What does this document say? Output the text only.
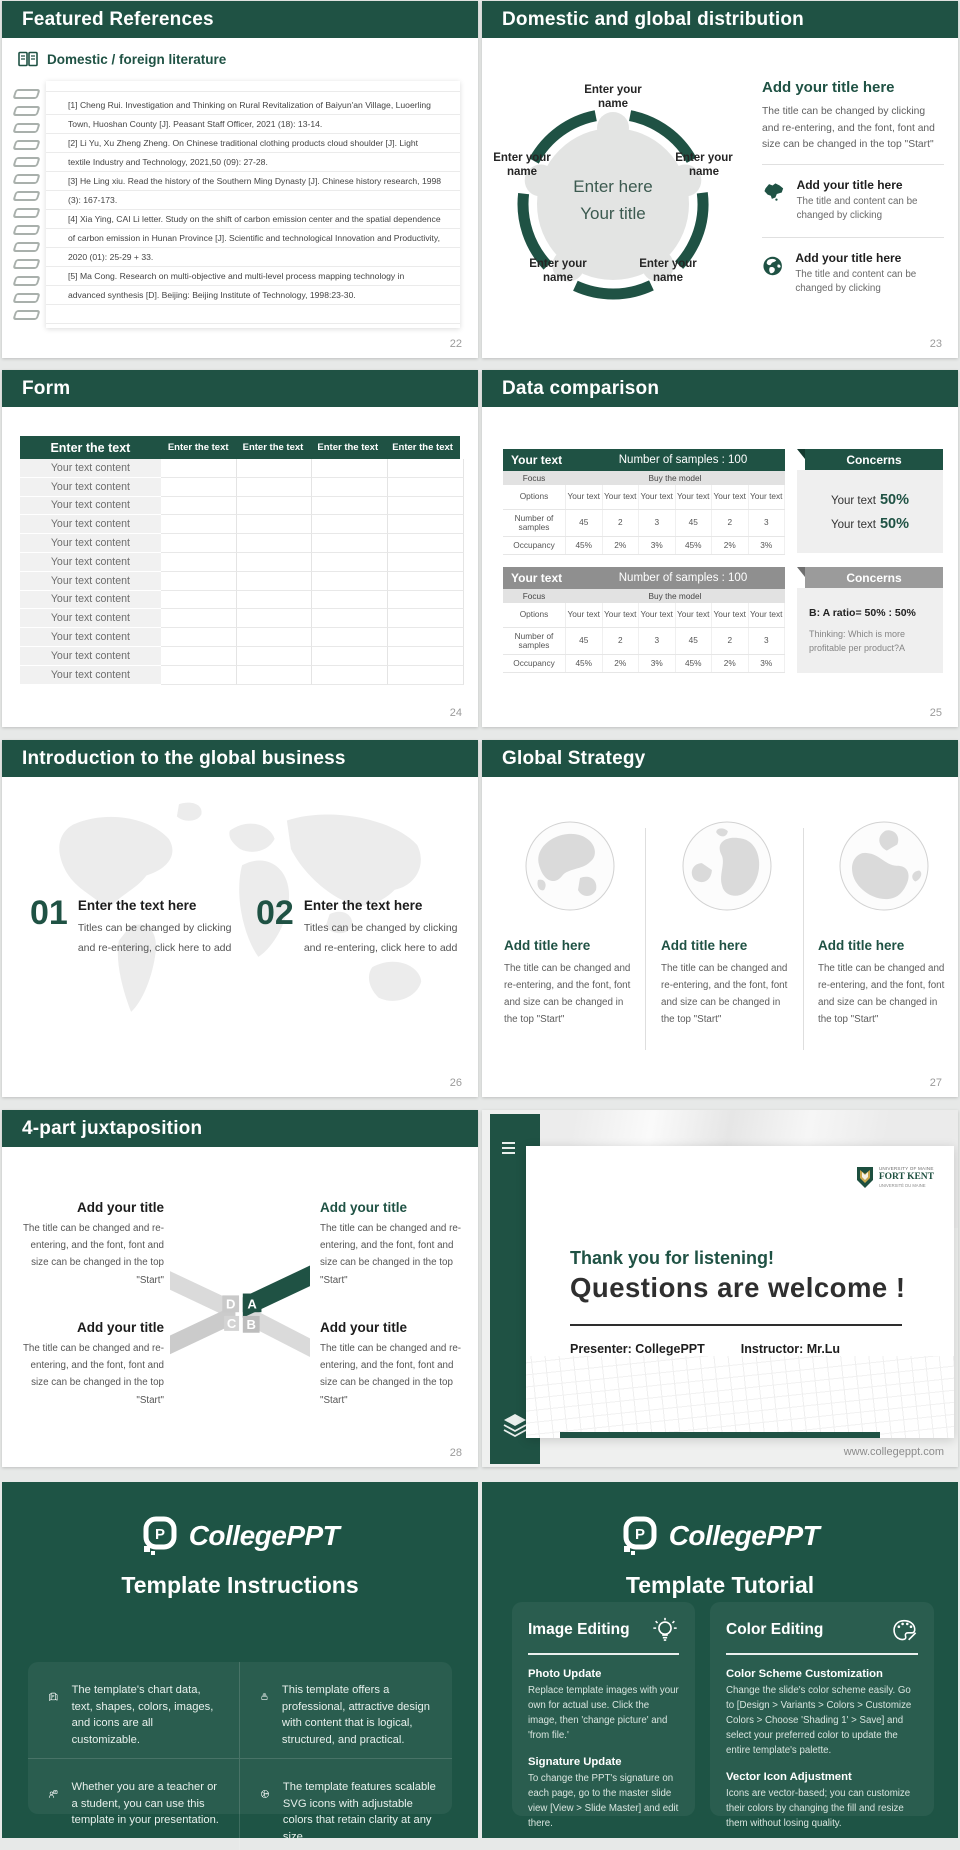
Featured References
Domestic / foreign literature

[1] Cheng Rui. Investigation and Thinking on Rural Revitalization of Baiyun'an Village, Luoerling Town, Huoshan County [J]. Peasant Staff Officer, 2021 (18): 13-14.

[2] Li Yu, Xu Zheng Zheng. On Chinese traditional clothing products cloud shoulder [J]. Light textile Industry and Technology, 2021,50 (09): 27-28.

[3] He Ling xiu. Read the history of the Southern Ming Dynasty [J]. Chinese history research, 1998 (3): 167-173.

[4] Xia Ying, CAI Li letter. Study on the shift of carbon emission center and the spatial dependence of carbon emission in Hunan Province [J]. Scientific and technological Innovation and Productivity, 2020 (01): 25-29 + 33.

[5] Ma Cong. Research on multi-objective and multi-level process mapping technology in advanced synthesis [D]. Beijing: Beijing Institute of Technology, 1998:23-30.

22
Domestic and global distribution
Enter here
Your title
Enter your name
Enter your name
Enter your name
Enter your name
Enter your name
Add your title here
The title can be changed by clicking and re-entering, and the font, font and size can be changed in the top "Start"
Add your title here
The title and content can be changed by clicking
Add your title here
The title and content can be changed by clicking
23
Form
Enter the text	Enter the text	Enter the text	Enter the text	Enter the text
Your text content
Your text content
Your text content
Your text content
Your text content
Your text content
Your text content
Your text content
Your text content
Your text content
Your text content
Your text content
24
Data comparison
Your text	Number of samples : 100
Focus	Buy the model
Options	Your text Your text Your text Your text Your text Your text
Number of samples	45	2	3	45	2	3
Occupancy	45%	2%	3%	45%	2%	3%
Concerns
Your text 50%
Your text 50%
Your text	Number of samples : 100
Focus	Buy the model
Options	Your text Your text Your text Your text Your text Your text
Number of samples	45	2	3	45	2	3
Occupancy	45%	2%	3%	45%	2%	3%
Concerns
B: A ratio= 50% : 50%
Thinking: Which is more profitable per product?A
25
Introduction to the global business
01 Enter the text here
Titles can be changed by clicking and re-entering, click here to add
02 Enter the text here
Titles can be changed by clicking and re-entering, click here to add
26
Global Strategy
Add title here
The title can be changed and re-entering, and the font, font and size can be changed in the top "Start"
Add title here
The title can be changed and re-entering, and the font, font and size can be changed in the top "Start"
Add title here
The title can be changed and re-entering, and the font, font and size can be changed in the top "Start"
27
4-part juxtaposition
Add your title
The title can be changed and re-entering, and the font, font and size can be changed in the top "Start"
Add your title
The title can be changed and re-entering, and the font, font and size can be changed in the top "Start"
Add your title
The title can be changed and re-entering, and the font, font and size can be changed in the top "Start"
Add your title
The title can be changed and re-entering, and the font, font and size can be changed in the top "Start"
D A
C B
28
UNIVERSITY OF MAINE
FORT KENT
UNIVERSITÉ DU MAINE
Thank you for listening!
Questions are welcome !
Presenter: CollegePPT	Instructor: Mr.Lu
www.collegeppt.com
P CollegePPT
Template Instructions
P
The template's chart data, text, shapes, colors, images, and icons are all customizable.
This template offers a professional, attractive design with content that is logical, structured, and practical.
Whether you are a teacher or a student, you can use this template in your presentation.
The template features scalable SVG icons with adjustable colors that retain clarity at any size.
P CollegePPT
Template Tutorial
Image Editing
Photo Update
Replace template images with your own for actual use. Click the image, then 'change picture' and 'from file.'
Signature Update
To change the PPT's signature on each page, go to the master slide view [View > Slide Master] and edit there.
Color Editing
Color Scheme Customization
Change the slide's color scheme easily. Go to [Design > Variants > Colors > Customize Colors > Choose 'Shading 1' > Save] and select your preferred color to update the entire template's palette.
Vector Icon Adjustment
Icons are vector-based; you can customize their colors by changing the fill and resize them without losing quality.
